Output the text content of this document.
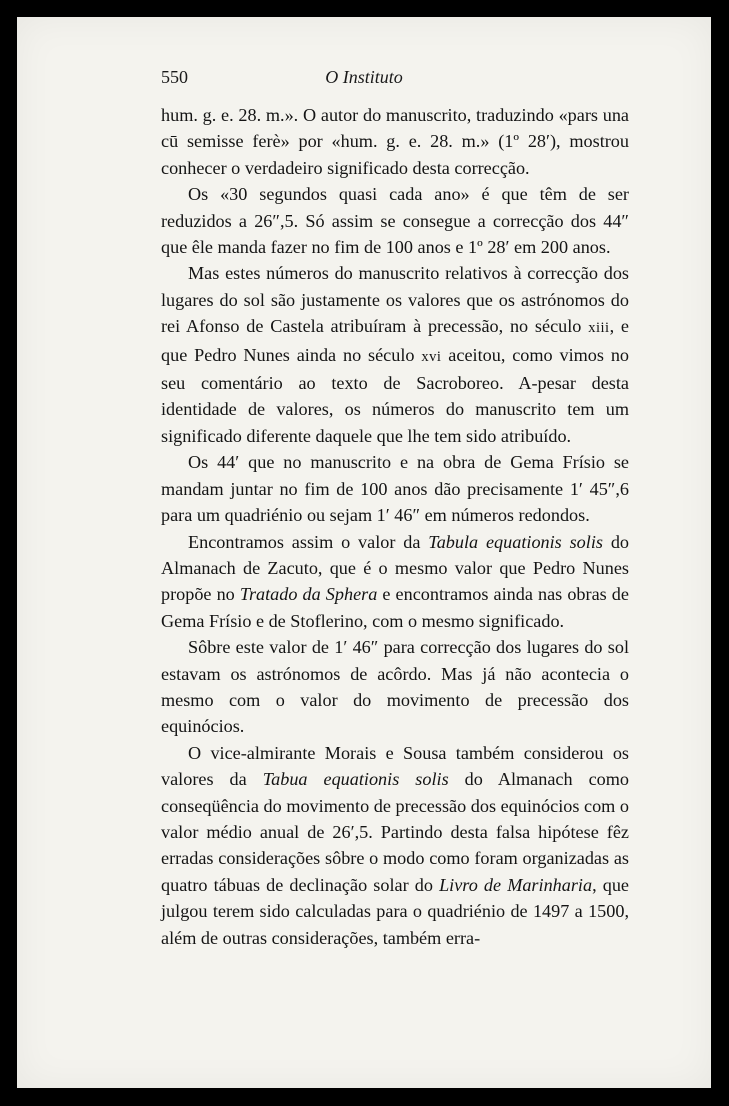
550	O Instituto

hum. g. e. 28. m.». O autor do manuscrito, traduzindo «pars una cū semisse ferè» por «hum. g. e. 28. m.» (1º 28′), mostrou conhecer o verdadeiro significado desta correcção.

Os «30 segundos quasi cada ano» é que têm de ser reduzidos a 26″,5. Só assim se consegue a correcção dos 44″ que êle manda fazer no fim de 100 anos e 1º 28′ em 200 anos.

Mas estes números do manuscrito relativos à correcção dos lugares do sol são justamente os valores que os astrónomos do rei Afonso de Castela atribuíram à precessão, no século xiii, e que Pedro Nunes ainda no século xvi aceitou, como vimos no seu comentário ao texto de Sacroboreo. A-pesar desta identidade de valores, os números do manuscrito tem um significado diferente daquele que lhe tem sido atribuído.

Os 44′ que no manuscrito e na obra de Gema Frísio se mandam juntar no fim de 100 anos dão precisamente 1′ 45″,6 para um quadriénio ou sejam 1′ 46″ em números redondos.

Encontramos assim o valor da Tabula equationis solis do Almanach de Zacuto, que é o mesmo valor que Pedro Nunes propõe no Tratado da Sphera e encontramos ainda nas obras de Gema Frísio e de Stoflerino, com o mesmo significado.

Sôbre este valor de 1′ 46″ para correcção dos lugares do sol estavam os astrónomos de acôrdo. Mas já não acontecia o mesmo com o valor do movimento de precessão dos equinócios.

O vice-almirante Morais e Sousa também considerou os valores da Tabua equationis solis do Almanach como conseqüência do movimento de precessão dos equinócios com o valor médio anual de 26′,5. Partindo desta falsa hipótese fêz erradas considerações sôbre o modo como foram organizadas as quatro tábuas de declinação solar do Livro de Marinharia, que julgou terem sido calculadas para o quadriénio de 1497 a 1500, além de outras considerações, também erra-
